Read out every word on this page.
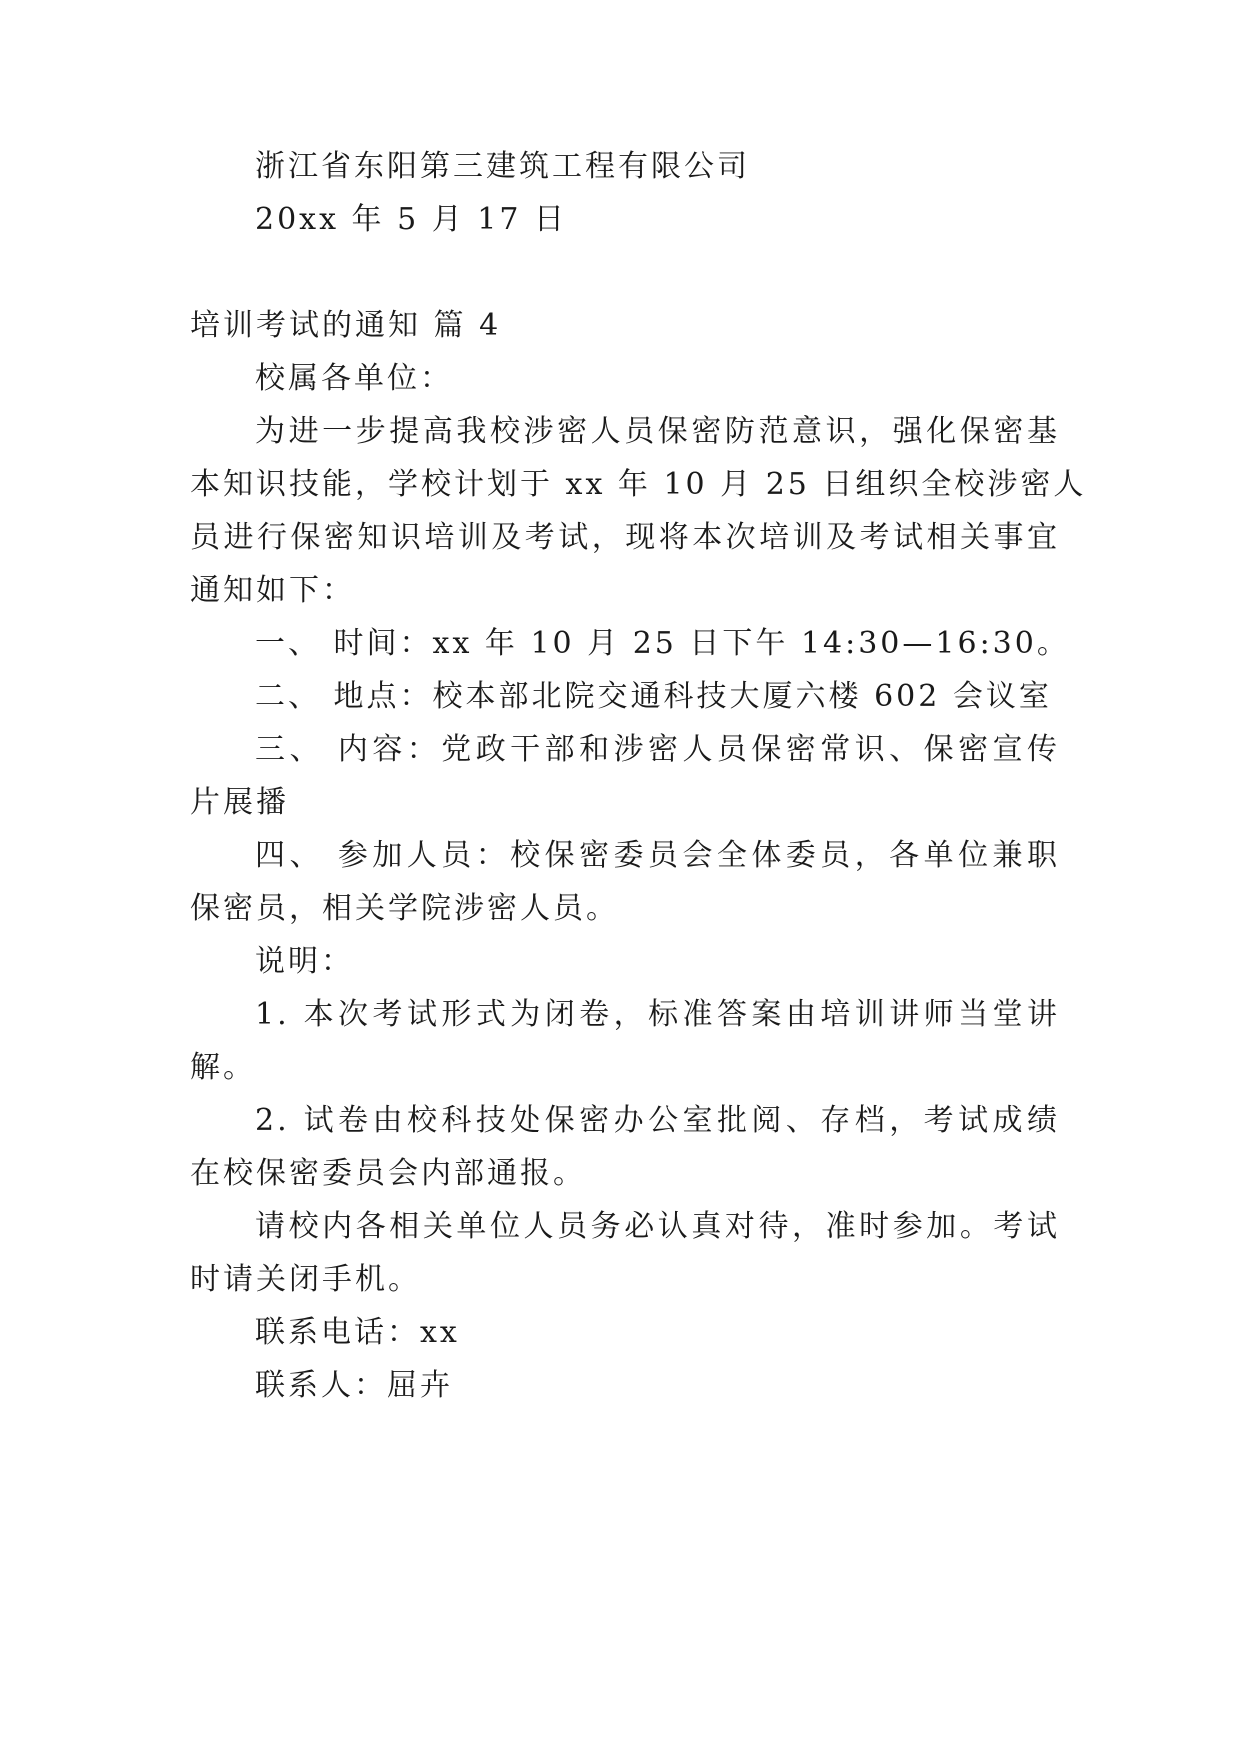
浙江省东阳第三建筑工程有限公司
20xx 年 5 月 17 日
培训考试的通知 篇 4
校属各单位：
为进一步提高我校涉密人员保密防范意识，强化保密基
本知识技能，学校计划于 xx 年 10 月 25 日组织全校涉密人
员进行保密知识培训及考试，现将本次培训及考试相关事宜
通知如下：
一、 时间：xx 年 10 月 25 日下午 14:30—16:30。
二、 地点：校本部北院交通科技大厦六楼 602 会议室
三、 内容：党政干部和涉密人员保密常识、保密宣传
片展播
四、 参加人员：校保密委员会全体委员，各单位兼职
保密员，相关学院涉密人员。
说明：
1. 本次考试形式为闭卷，标准答案由培训讲师当堂讲
解。
2. 试卷由校科技处保密办公室批阅、存档，考试成绩
在校保密委员会内部通报。
请校内各相关单位人员务必认真对待，准时参加。考试
时请关闭手机。
联系电话：xx
联系人：屈卉
